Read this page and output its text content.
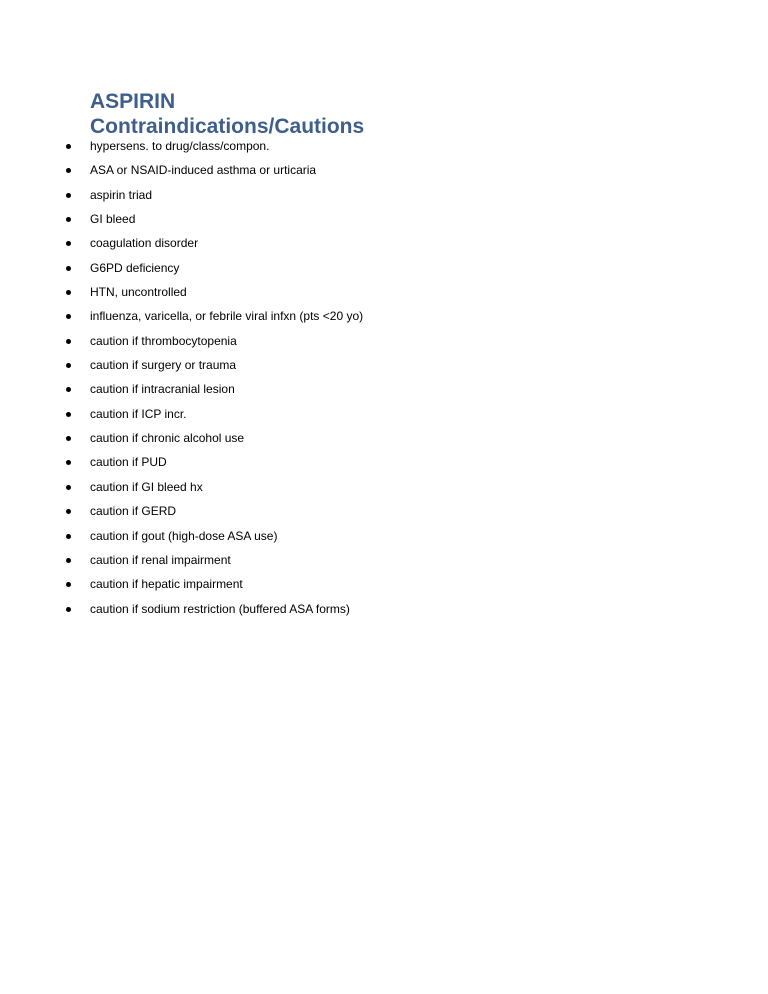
ASPIRIN
Contraindications/Cautions
hypersens. to drug/class/compon.
ASA or NSAID-induced asthma or urticaria
aspirin triad
GI bleed
coagulation disorder
G6PD deficiency
HTN, uncontrolled
influenza, varicella, or febrile viral infxn (pts <20 yo)
caution if thrombocytopenia
caution if surgery or trauma
caution if intracranial lesion
caution if ICP incr.
caution if chronic alcohol use
caution if PUD
caution if GI bleed hx
caution if GERD
caution if gout (high-dose ASA use)
caution if renal impairment
caution if hepatic impairment
caution if sodium restriction (buffered ASA forms)
